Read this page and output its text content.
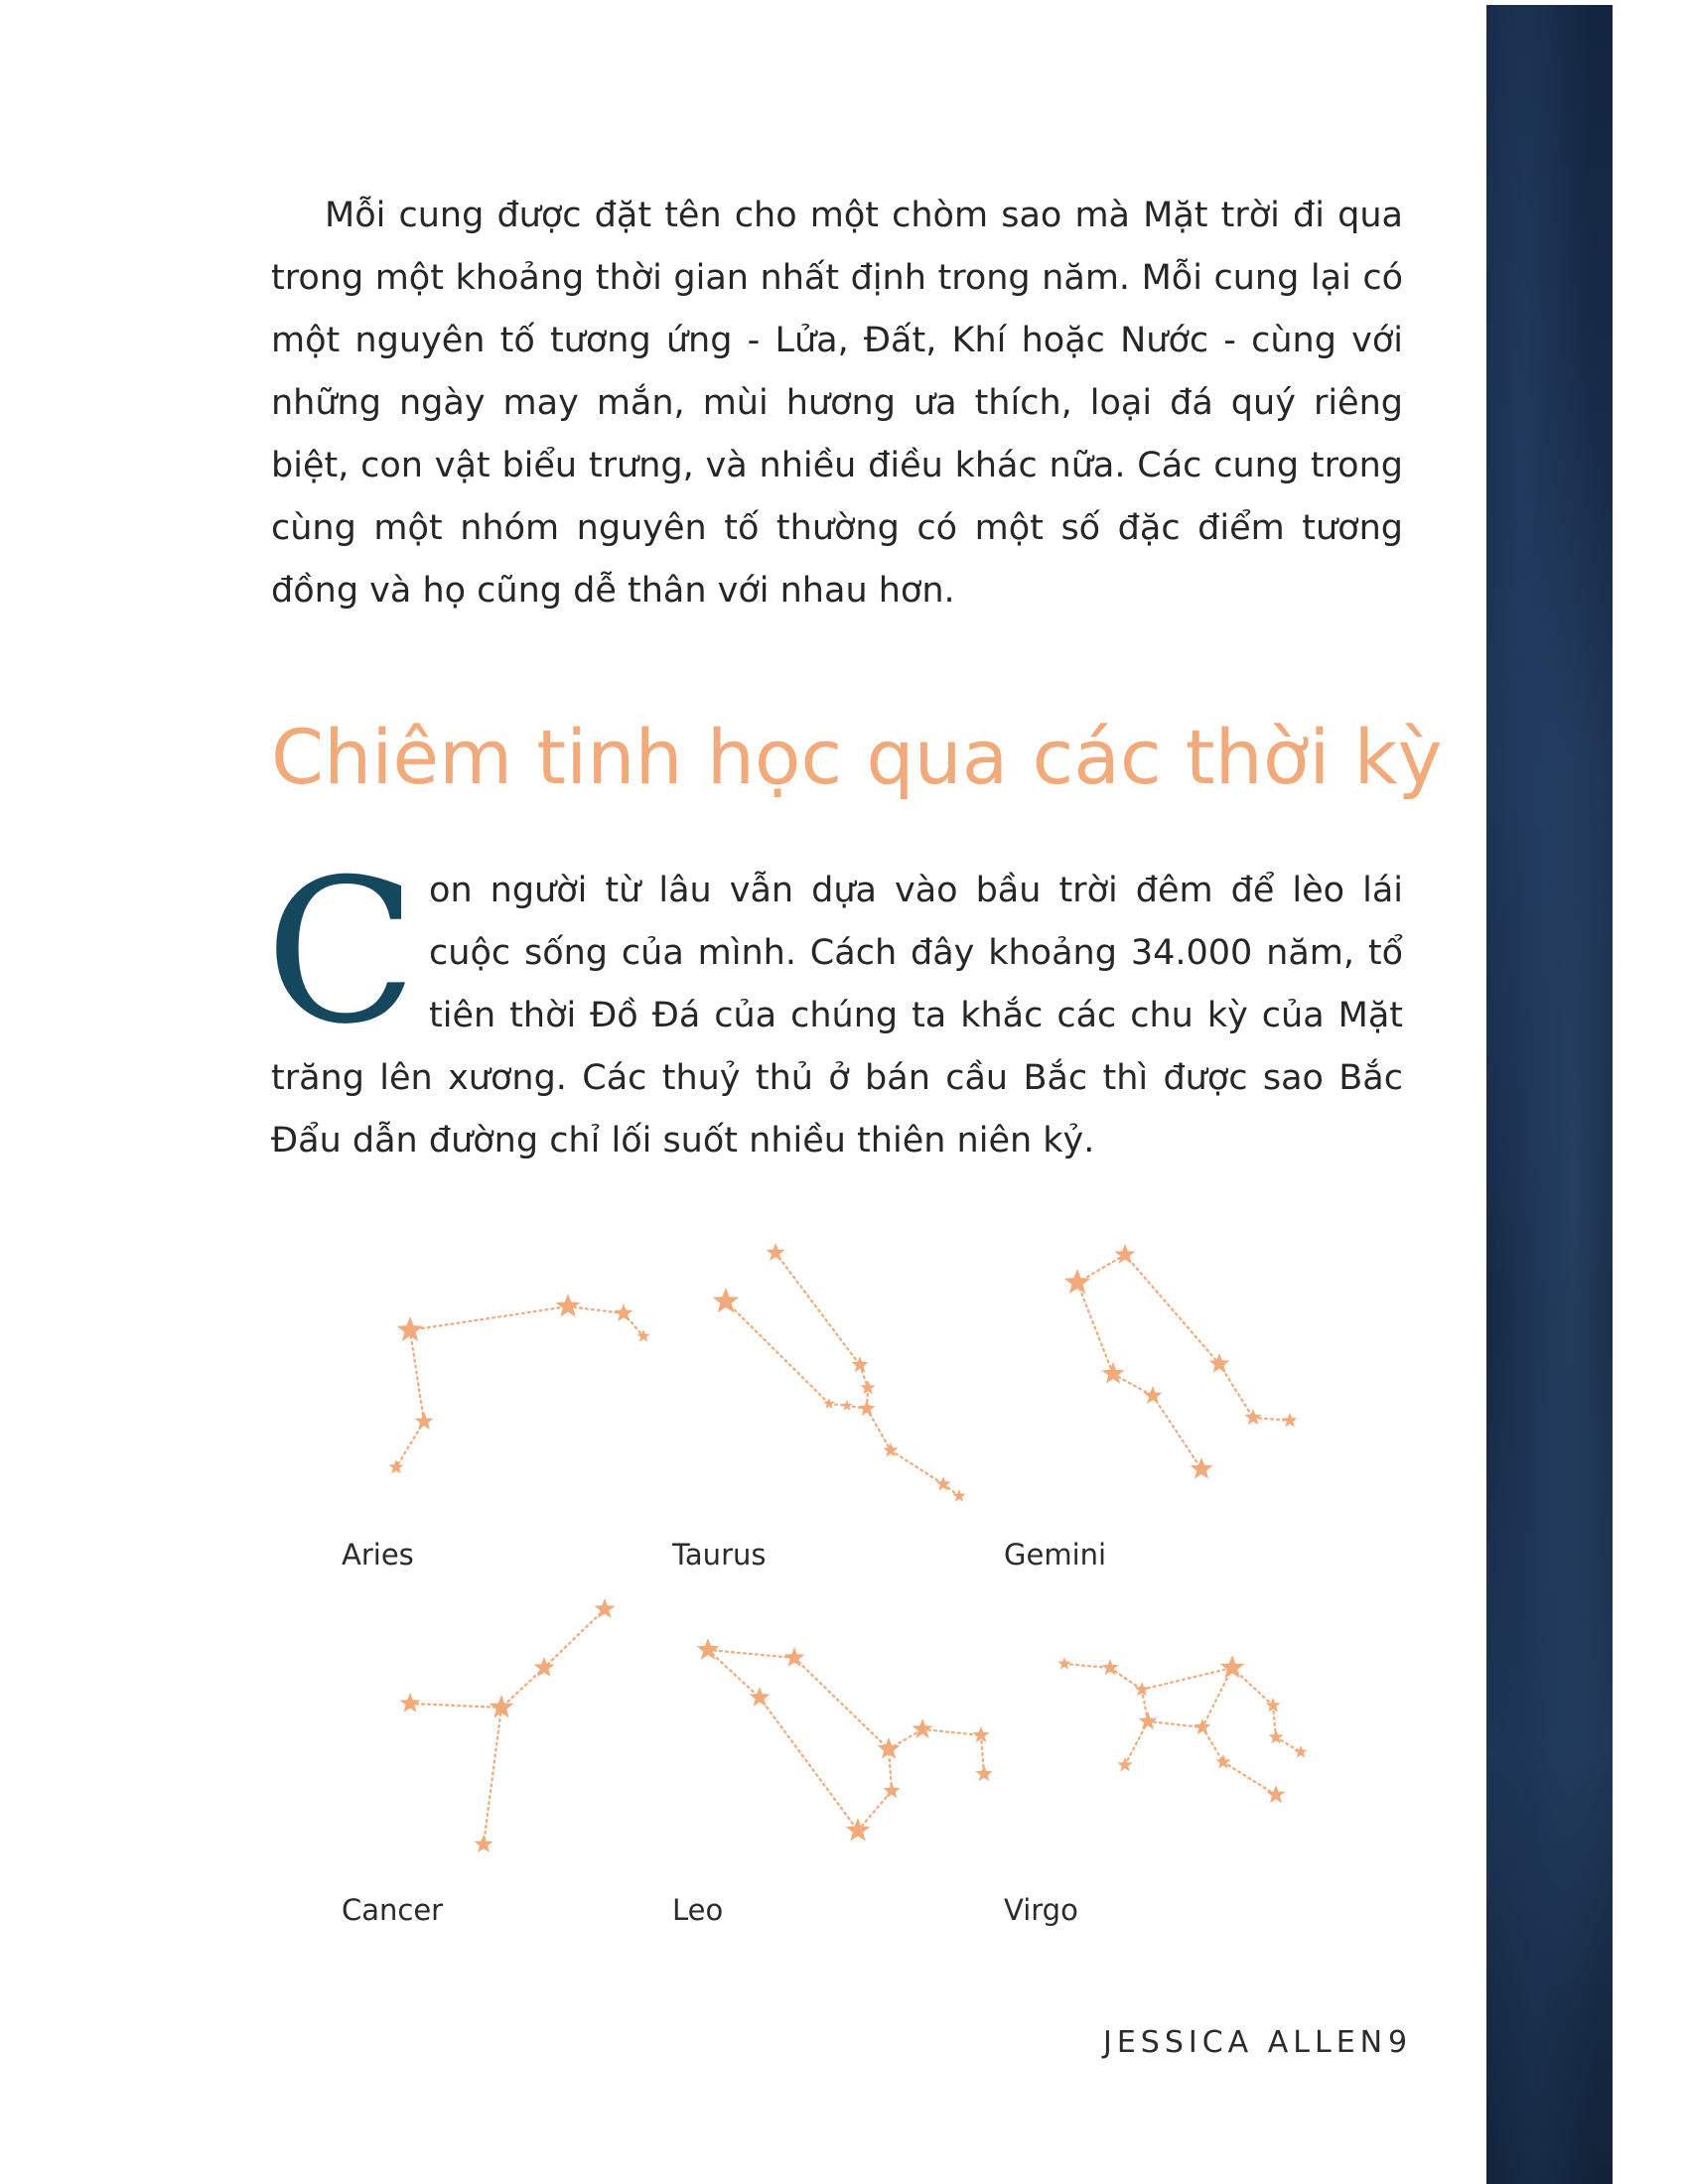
Mỗi cung được đặt tên cho một chòm sao mà Mặt trời đi qua trong một khoảng thời gian nhất định trong năm. Mỗi cung lại có một nguyên tố tương ứng - Lửa, Đất, Khí hoặc Nước - cùng với những ngày may mắn, mùi hương ưa thích, loại đá quý riêng biệt, con vật biểu trưng, và nhiều điều khác nữa. Các cung trong cùng một nhóm nguyên tố thường có một số đặc điểm tương đồng và họ cũng dễ thân với nhau hơn.

Chiêm tinh học qua các thời kỳ

Con người từ lâu vẫn dựa vào bầu trời đêm để lèo lái cuộc sống của mình. Cách đây khoảng 34.000 năm, tổ tiên thời Đồ Đá của chúng ta khắc các chu kỳ của Mặt trăng lên xương. Các thuỷ thủ ở bán cầu Bắc thì được sao Bắc Đẩu dẫn đường chỉ lối suốt nhiều thiên niên kỷ.

Aries	Taurus	Gemini
Cancer	Leo	Virgo
JESSICA ALLEN 9
